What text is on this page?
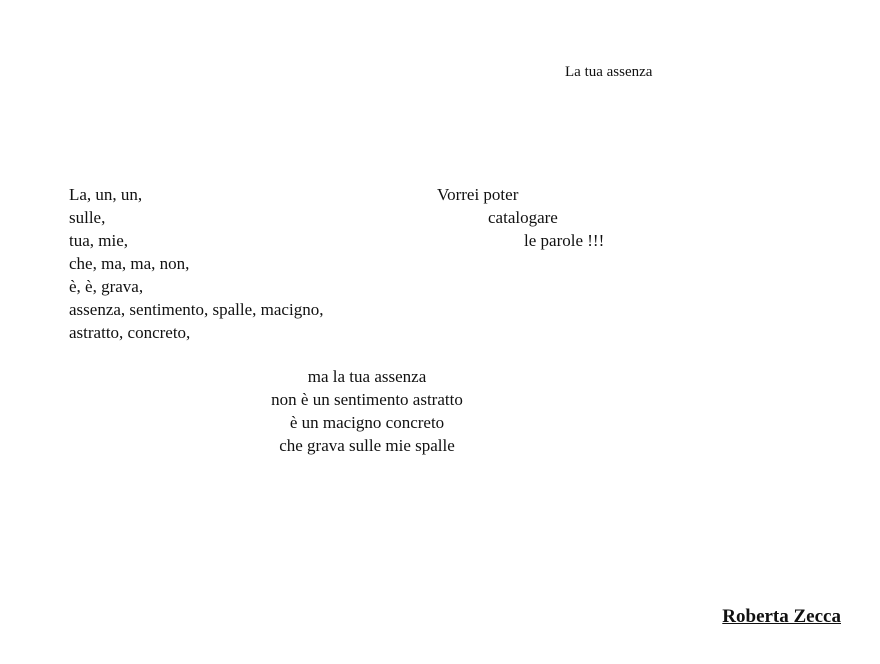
La tua assenza
La, un, un,
sulle,
tua, mie,
che, ma, ma, non,
è, è, grava,
assenza, sentimento, spalle, macigno,
astratto, concreto,
Vorrei poter
catalogare
le parole !!!
ma la tua assenza
non è un sentimento astratto
è un macigno concreto
che grava sulle mie spalle
Roberta Zecca
